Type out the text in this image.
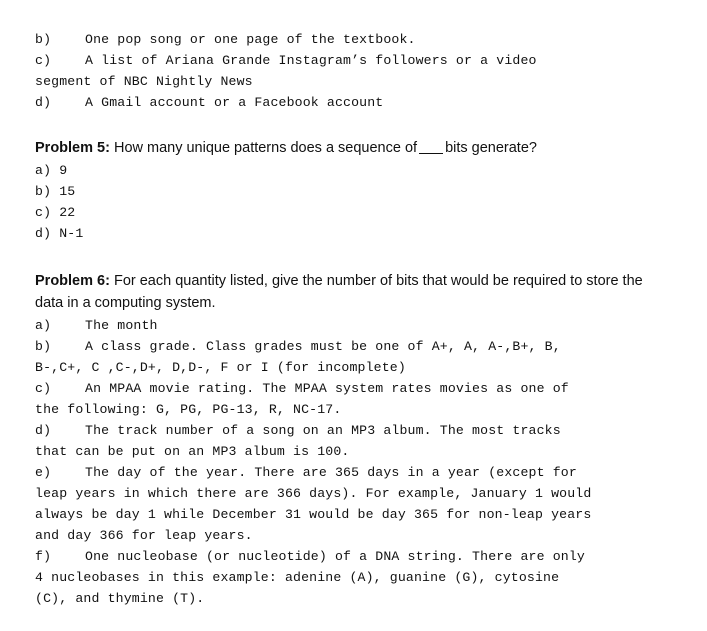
b)	One pop song or one page of the textbook.
c)	A list of Ariana Grande Instagram’s followers or a video
segment of NBC Nightly News
d)	A Gmail account or a Facebook account
Problem 5: How many unique patterns does a sequence of bits generate?
a) 9
b) 15
c) 22
d) N-1
Problem 6: For each quantity listed, give the number of bits that would be required to store the
data in a computing system.
a)	The month
b)	A class grade. Class grades must be one of A+, A, A-,B+, B,
B-,C+, C ,C-,D+, D,D-, F or I (for incomplete)
c)	An MPAA movie rating. The MPAA system rates movies as one of
the following: G, PG, PG-13, R, NC-17.
d)	The track number of a song on an MP3 album. The most tracks
that can be put on an MP3 album is 100.
e)	The day of the year. There are 365 days in a year (except for
leap years in which there are 366 days). For example, January 1 would
always be day 1 while December 31 would be day 365 for non-leap years
and day 366 for leap years.
f)	One nucleobase (or nucleotide) of a DNA string. There are only
4 nucleobases in this example: adenine (A), guanine (G), cytosine
(C), and thymine (T).
